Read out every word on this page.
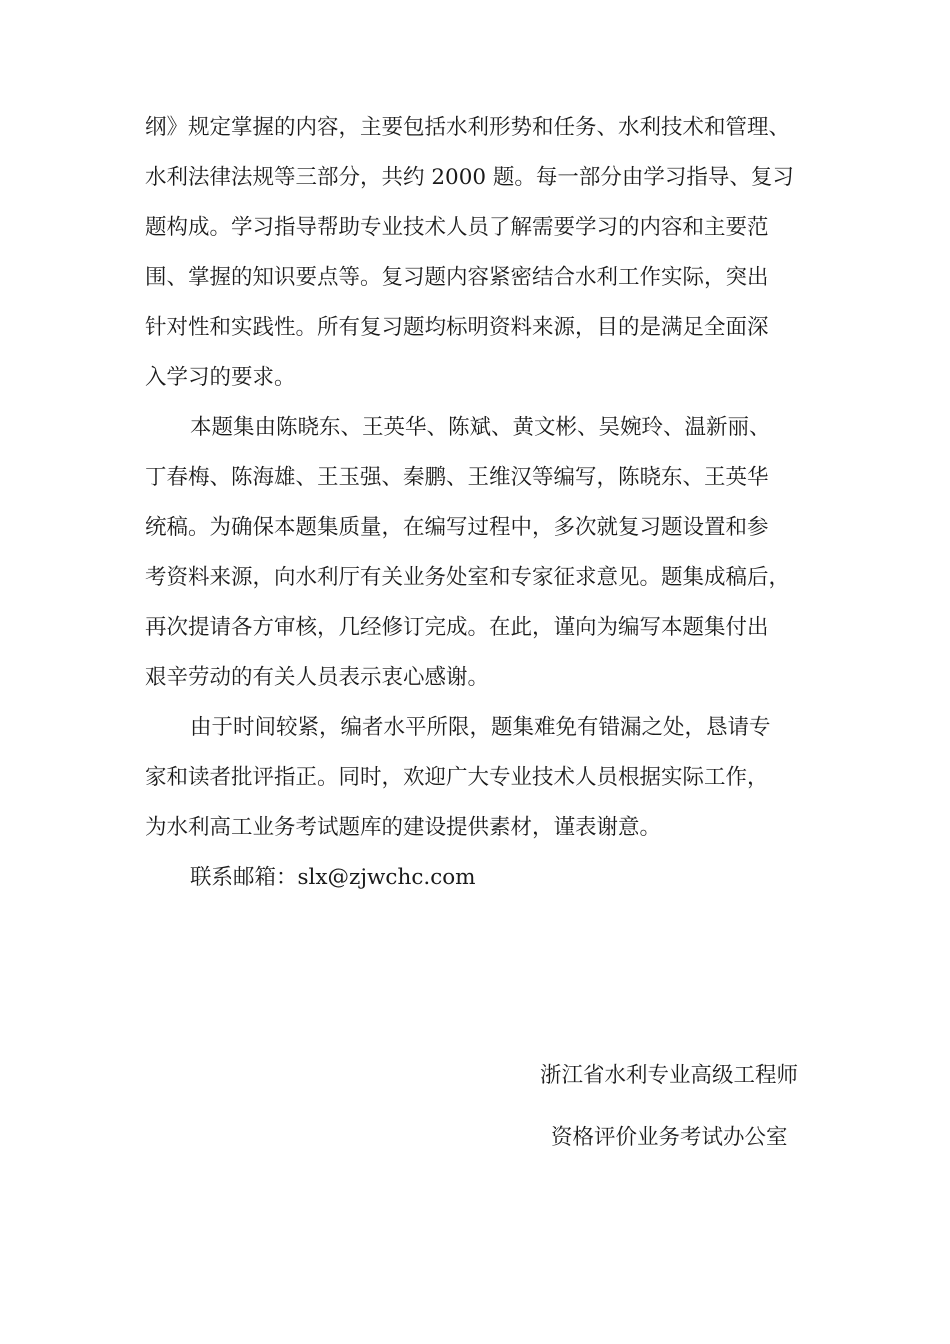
纲》规定掌握的内容，主要包括水利形势和任务、水利技术和管理、
水利法律法规等三部分，共约 2000 题。每一部分由学习指导、复习
题构成。学习指导帮助专业技术人员了解需要学习的内容和主要范
围、掌握的知识要点等。复习题内容紧密结合水利工作实际，突出
针对性和实践性。所有复习题均标明资料来源，目的是满足全面深
入学习的要求。
本题集由陈晓东、王英华、陈斌、黄文彬、吴婉玲、温新丽、
丁春梅、陈海雄、王玉强、秦鹏、王维汉等编写，陈晓东、王英华
统稿。为确保本题集质量，在编写过程中，多次就复习题设置和参
考资料来源，向水利厅有关业务处室和专家征求意见。题集成稿后，
再次提请各方审核，几经修订完成。在此，谨向为编写本题集付出
艰辛劳动的有关人员表示衷心感谢。
由于时间较紧，编者水平所限，题集难免有错漏之处，恳请专
家和读者批评指正。同时，欢迎广大专业技术人员根据实际工作，
为水利高工业务考试题库的建设提供素材，谨表谢意。
联系邮箱：slx@zjwchc.com
浙江省水利专业高级工程师
资格评价业务考试办公室
